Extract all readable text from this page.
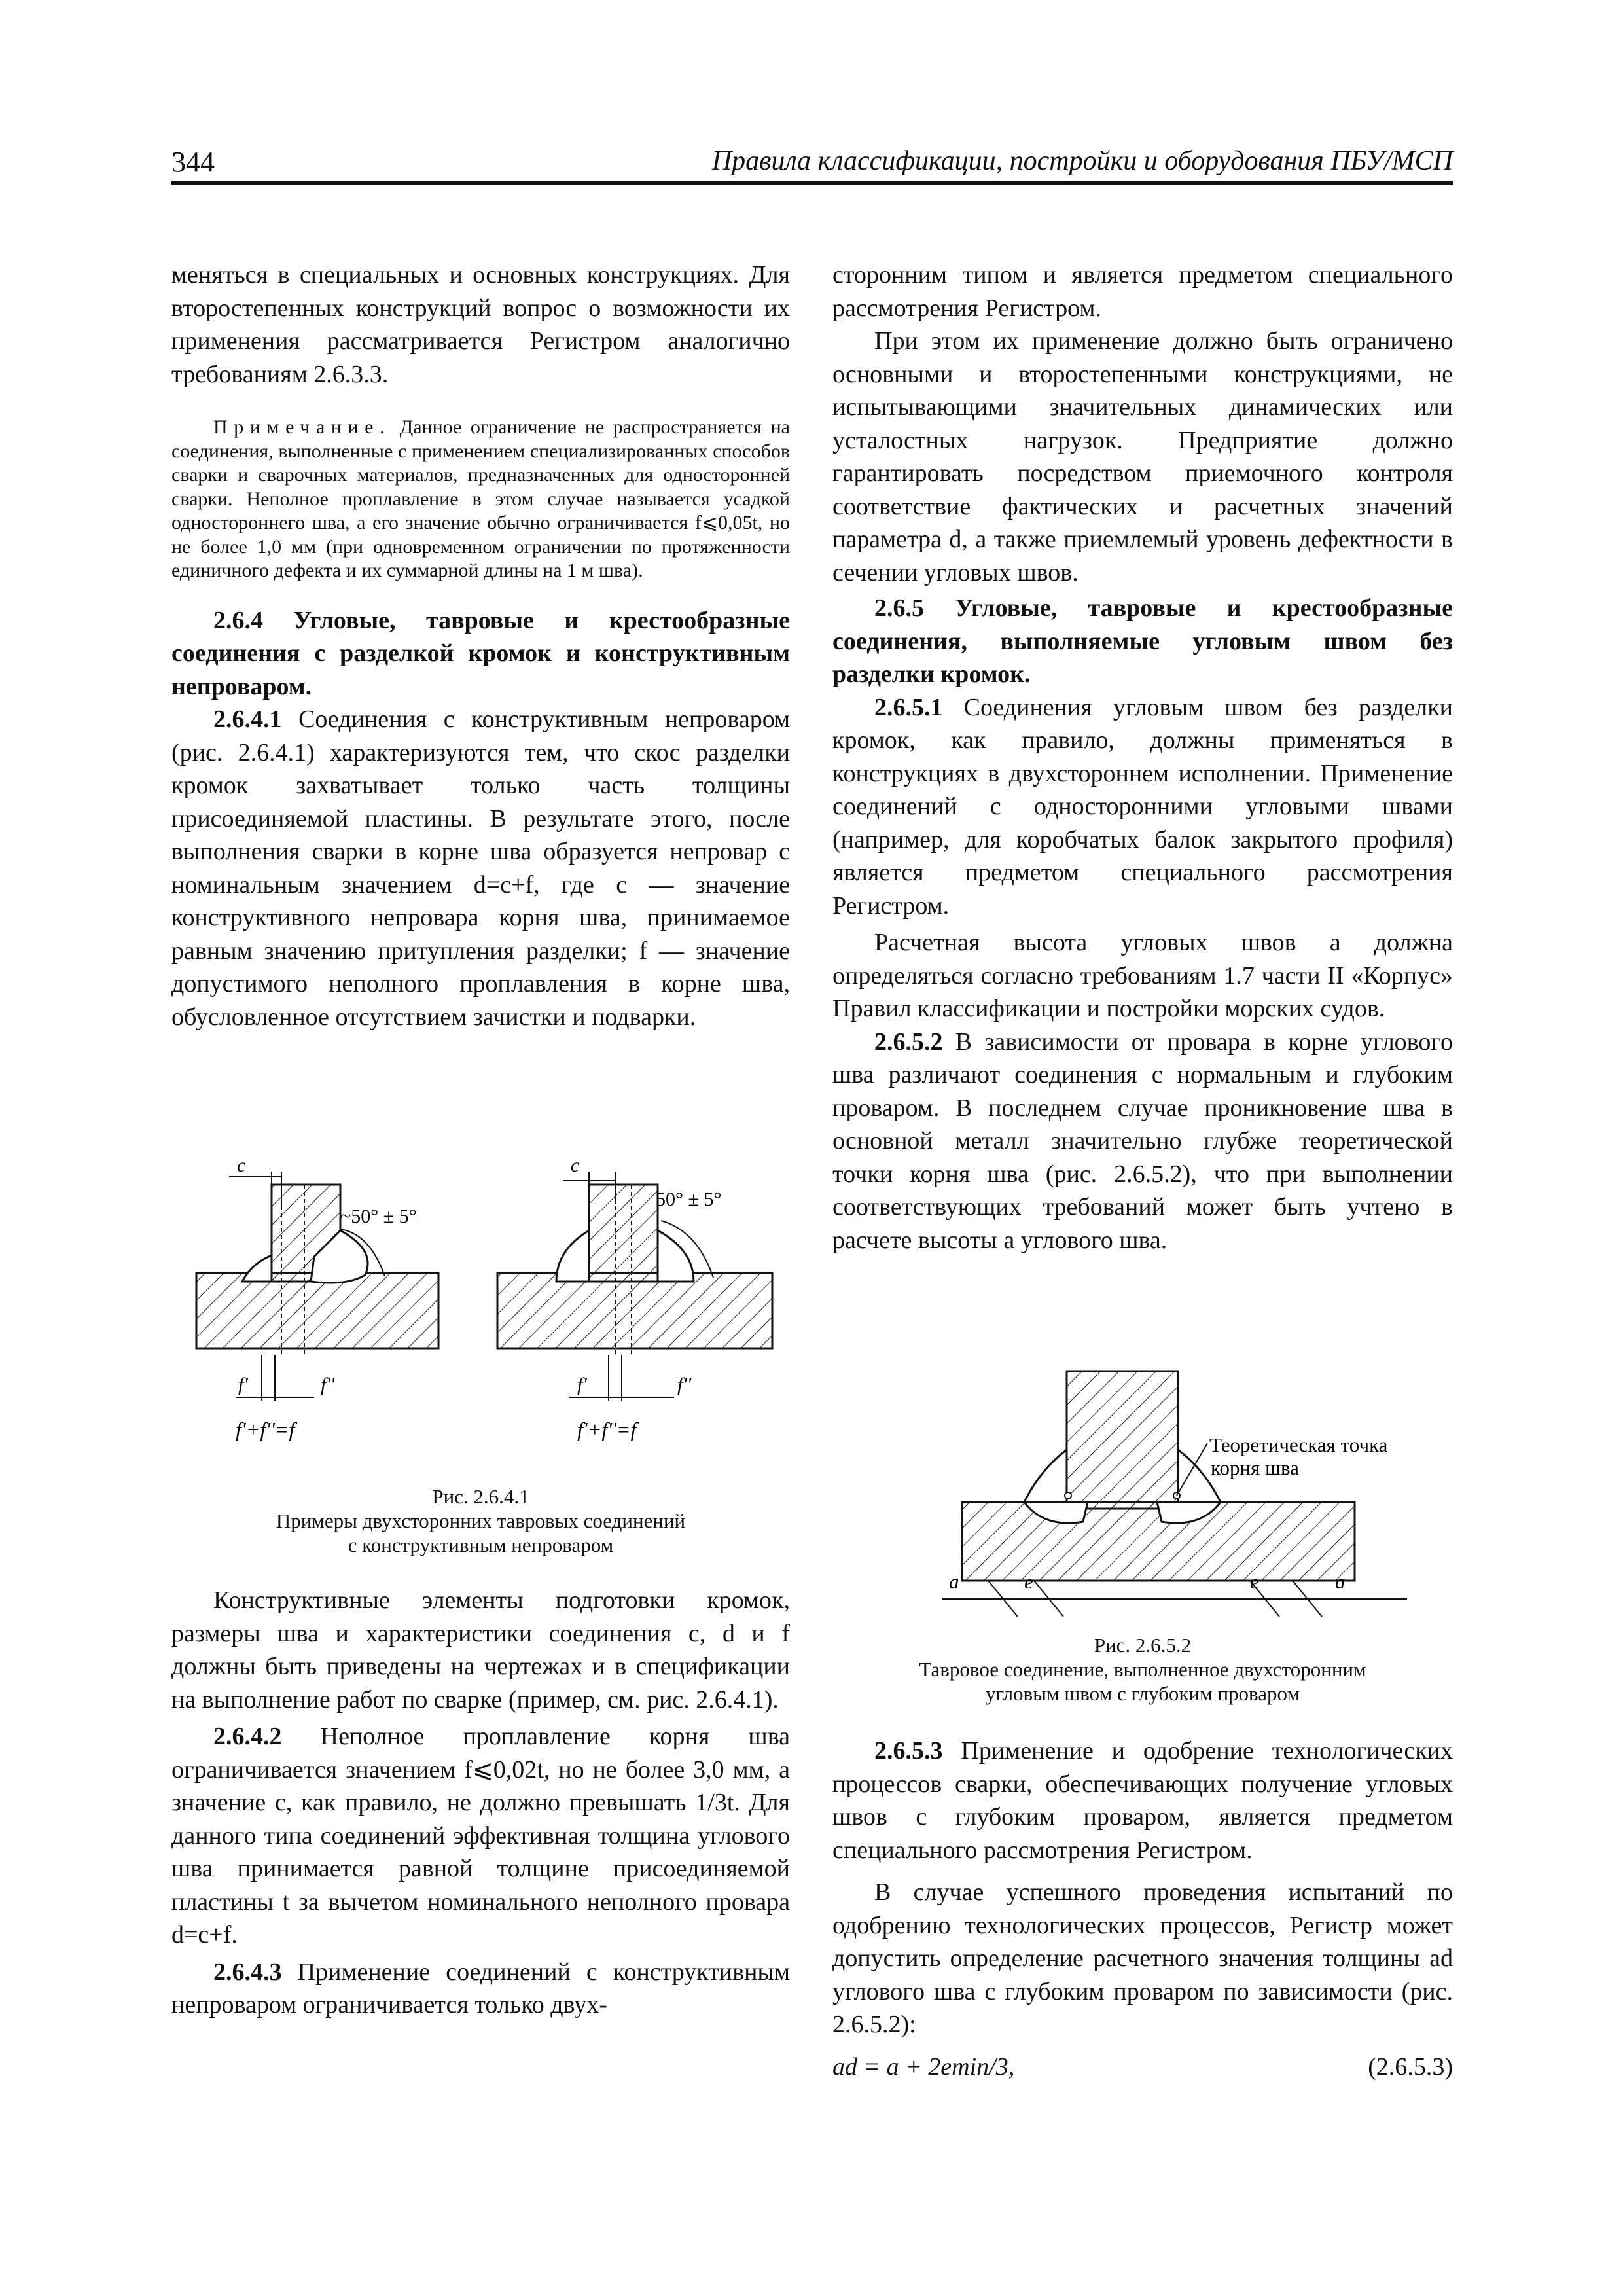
344	Правила классификации, постройки и оборудования ПБУ/МСП

меняться в специальных и основных конструкциях. Для второстепенных конструкций вопрос о возможности их применения рассматривается Регистром аналогично требованиям 2.6.3.3.

Примечание. Данное ограничение не распространяется на соединения, выполненные с применением специализированных способов сварки и сварочных материалов, предназначенных для односторонней сварки. Неполное проплавление в этом случае называется усадкой одностороннего шва, а его значение обычно ограничивается f⩽0,05t, но не более 1,0 мм (при одновременном ограничении по протяженности единичного дефекта и их суммарной длины на 1 м шва).

2.6.4 Угловые, тавровые и крестообразные соединения с разделкой кромок и конструктивным непроваром.

2.6.4.1 Соединения с конструктивным непроваром (рис. 2.6.4.1) характеризуются тем, что скос разделки кромок захватывает только часть толщины присоединяемой пластины. В результате этого, после выполнения сварки в корне шва образуется непровар с номинальным значением d=c+f, где c — значение конструктивного непровара корня шва, принимаемое равным значению притупления разделки; f — значение допустимого неполного проплавления в корне шва, обусловленное отсутствием зачистки и подварки.

c
~50° ± 5°
f'	f''
f'+f''=f
c
50° ± 5°
f'	f''
f'+f''=f
Рис. 2.6.4.1
Примеры двухсторонних тавровых соединений
с конструктивным непроваром

Конструктивные элементы подготовки кромок, размеры шва и характеристики соединения c, d и f должны быть приведены на чертежах и в спецификации на выполнение работ по сварке (пример, см. рис. 2.6.4.1).

2.6.4.2 Неполное проплавление корня шва ограничивается значением f⩽0,02t, но не более 3,0 мм, а значение c, как правило, не должно превышать 1/3t. Для данного типа соединений эффективная толщина углового шва принимается равной толщине присоединяемой пластины t за вычетом номинального неполного провара d=c+f.

2.6.4.3 Применение соединений с конструктивным непроваром ограничивается только двух-

сторонним типом и является предметом специального рассмотрения Регистром.

При этом их применение должно быть ограничено основными и второстепенными конструкциями, не испытывающими значительных динамических или усталостных нагрузок. Предприятие должно гарантировать посредством приемочного контроля соответствие фактических и расчетных значений параметра d, а также приемлемый уровень дефектности в сечении угловых швов.

2.6.5 Угловые, тавровые и крестообразные соединения, выполняемые угловым швом без разделки кромок.

2.6.5.1 Соединения угловым швом без разделки кромок, как правило, должны применяться в конструкциях в двухстороннем исполнении. Применение соединений с односторонними угловыми швами (например, для коробчатых балок закрытого профиля) является предметом специального рассмотрения Регистром.

Расчетная высота угловых швов a должна определяться согласно требованиям 1.7 части II «Корпус» Правил классификации и постройки морских судов.

2.6.5.2 В зависимости от провара в корне углового шва различают соединения с нормальным и глубоким проваром. В последнем случае проникновение шва в основной металл значительно глубже теоретической точки корня шва (рис. 2.6.5.2), что при выполнении соответствующих требований может быть учтено в расчете высоты a углового шва.

Теоретическая точка
корня шва
a	e	e	a
Рис. 2.6.5.2
Тавровое соединение, выполненное двухсторонним
угловым швом с глубоким проваром

2.6.5.3 Применение и одобрение технологических процессов сварки, обеспечивающих получение угловых швов с глубоким проваром, является предметом специального рассмотрения Регистром.

В случае успешного проведения испытаний по одобрению технологических процессов, Регистр может допустить определение расчетного значения толщины ad углового шва с глубоким проваром по зависимости (рис. 2.6.5.2):

ad = a + 2emin/3,	(2.6.5.3)
